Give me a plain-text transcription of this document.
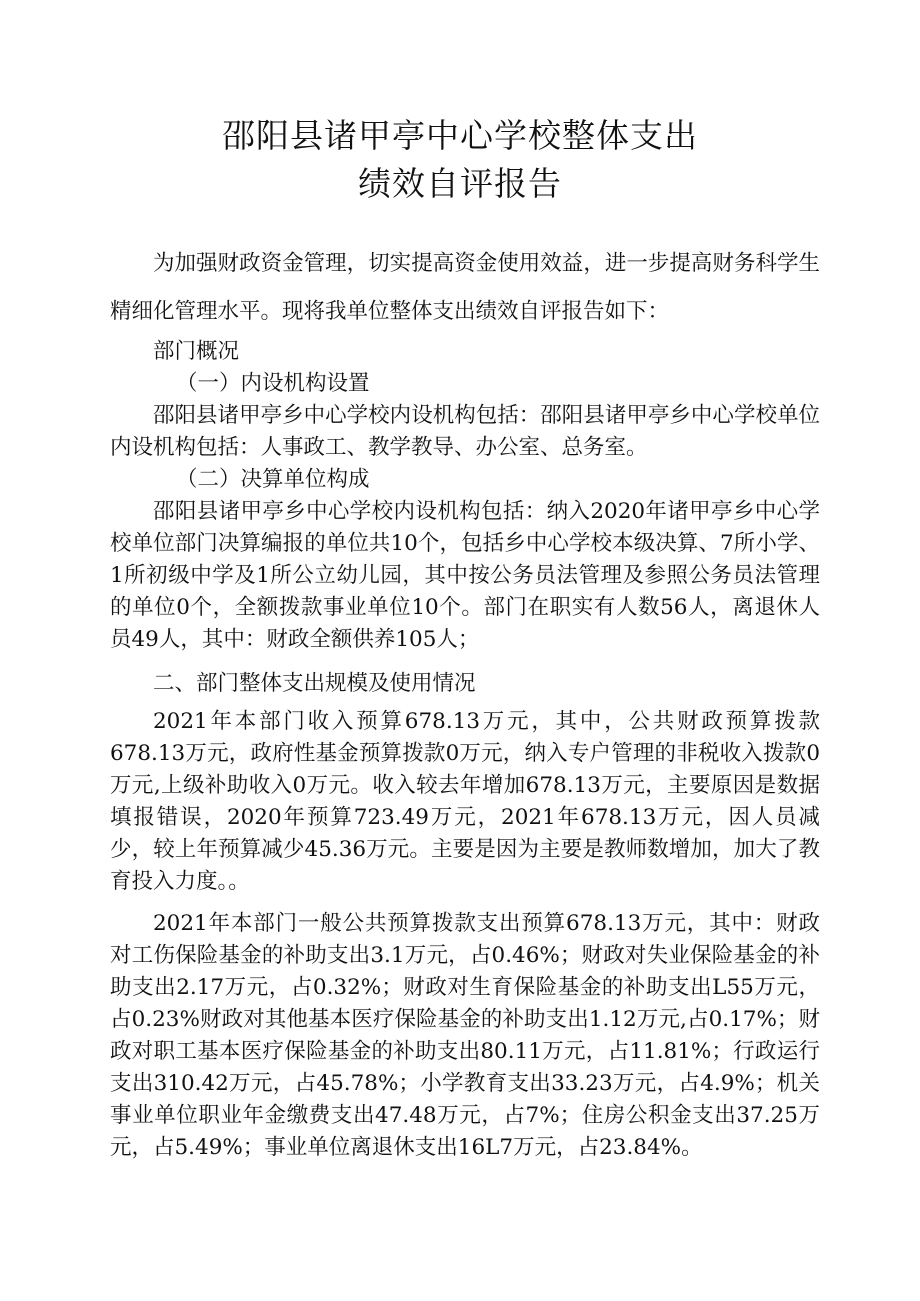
邵阳县诸甲亭中心学校整体支出
绩效自评报告

为加强财政资金管理，切实提高资金使用效益，进一步提高财务科学生精细化管理水平。现将我单位整体支出绩效自评报告如下：

部门概况

（一）内设机构设置

邵阳县诸甲亭乡中心学校内设机构包括：邵阳县诸甲亭乡中心学校单位内设机构包括：人事政工、教学教导、办公室、总务室。

（二）决算单位构成

邵阳县诸甲亭乡中心学校内设机构包括：纳入2020年诸甲亭乡中心学校单位部门决算编报的单位共10个，包括乡中心学校本级决算、7所小学、1所初级中学及1所公立幼儿园，其中按公务员法管理及参照公务员法管理的单位0个，全额拨款事业单位10个。部门在职实有人数56人，离退休人员49人，其中：财政全额供养105人；

二、部门整体支出规模及使用情况

2021年本部门收入预算678.13万元，其中，公共财政预算拨款678.13万元，政府性基金预算拨款0万元，纳入专户管理的非税收入拨款0万元,上级补助收入0万元。收入较去年增加678.13万元，主要原因是数据填报错误，2020年预算723.49万元，2021年678.13万元，因人员减少，较上年预算减少45.36万元。主要是因为主要是教师数增加，加大了教育投入力度。。

2021年本部门一般公共预算拨款支出预算678.13万元，其中：财政对工伤保险基金的补助支出3.1万元，占0.46%；财政对失业保险基金的补助支出2.17万元，占0.32%；财政对生育保险基金的补助支出L55万元，占0.23%财政对其他基本医疗保险基金的补助支出1.12万元,占0.17%；财政对职工基本医疗保险基金的补助支出80.11万元，占11.81%；行政运行支出310.42万元，占45.78%；小学教育支出33.23万元，占4.9%；机关事业单位职业年金缴费支出47.48万元，占7%；住房公积金支出37.25万元，占5.49%；事业单位离退休支出16L7万元，占23.84%。
